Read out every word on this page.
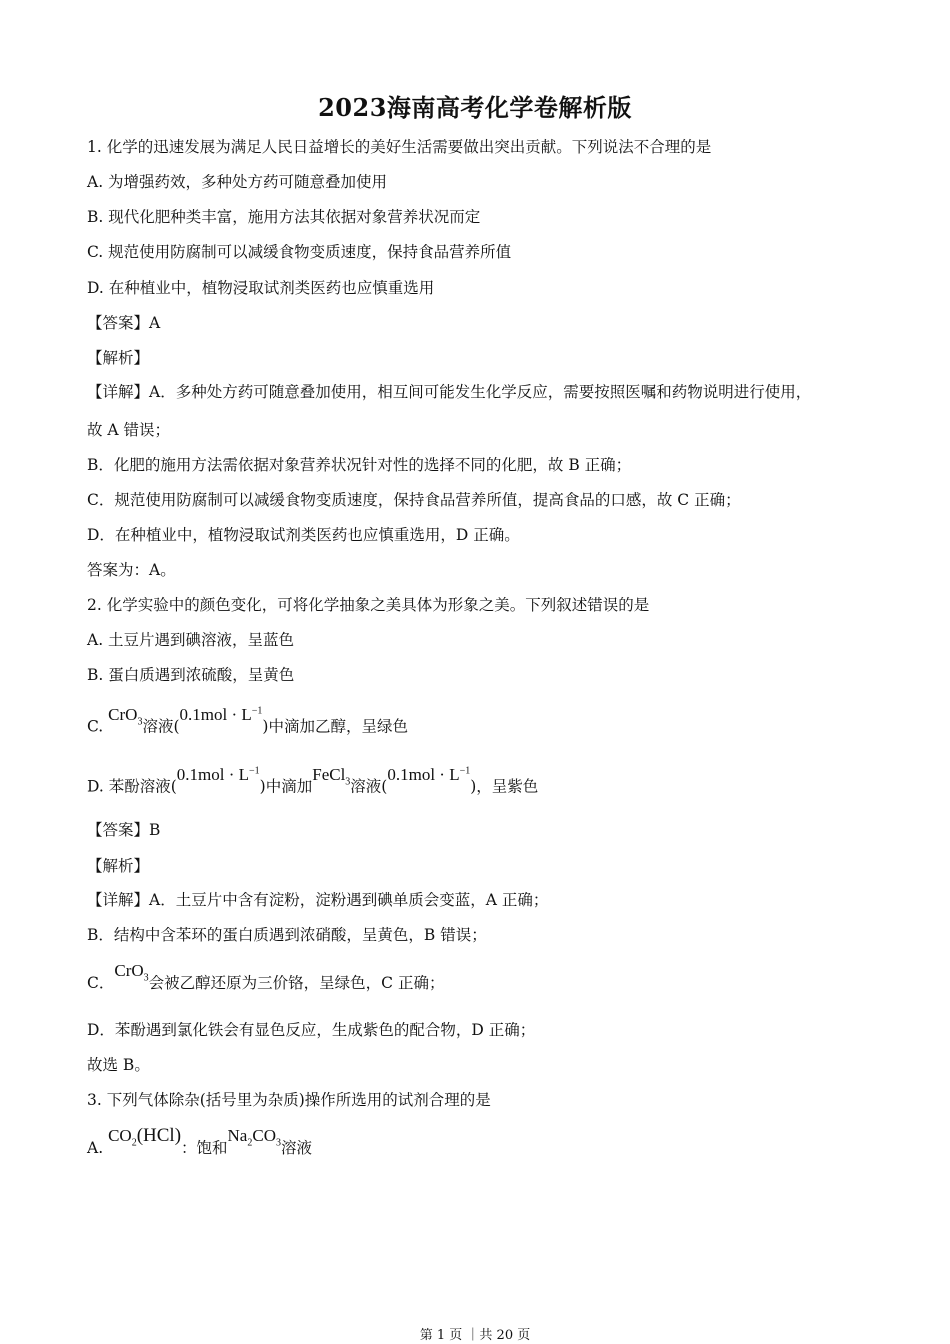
2023海南高考化学卷解析版
1. 化学的迅速发展为满足人民日益增长的美好生活需要做出突出贡献。下列说法不合理的是
A. 为增强药效，多种处方药可随意叠加使用
B. 现代化肥种类丰富，施用方法其依据对象营养状况而定
C. 规范使用防腐制可以减缓食物变质速度，保持食品营养所值
D. 在种植业中，植物浸取试剂类医药也应慎重选用
【答案】A
【解析】
【详解】A．多种处方药可随意叠加使用，相互间可能发生化学反应，需要按照医嘱和药物说明进行使用，
故 A 错误；
B．化肥的施用方法需依据对象营养状况针对性的选择不同的化肥，故 B 正确；
C．规范使用防腐制可以减缓食物变质速度，保持食品营养所值，提高食品的口感，故 C 正确；
D．在种植业中，植物浸取试剂类医药也应慎重选用，D 正确。
答案为：A。
2. 化学实验中的颜色变化，可将化学抽象之美具体为形象之美。下列叙述错误的是
A. 土豆片遇到碘溶液，呈蓝色
B. 蛋白质遇到浓硫酸，呈黄色
C. CrO$_3$溶液$(0.1mol \cdot L^{-1})$中滴加乙醇，呈绿色
D. 苯酚溶液$(0.1mol \cdot L^{-1})$中滴加FeCl$_3$溶液$(0.1mol \cdot L^{-1})$，呈紫色
【答案】B
【解析】
【详解】A．土豆片中含有淀粉，淀粉遇到碘单质会变蓝，A 正确；
B．结构中含苯环的蛋白质遇到浓硝酸，呈黄色，B 错误；
C．CrO$_3$会被乙醇还原为三价铬，呈绿色，C 正确；
D．苯酚遇到氯化铁会有显色反应，生成紫色的配合物，D 正确；
故选 B。
3. 下列气体除杂(括号里为杂质)操作所选用的试剂合理的是
A. $CO_2(HCl)$：饱和$Na_2CO_3$溶液
第 1 页 ｜共 20 页
